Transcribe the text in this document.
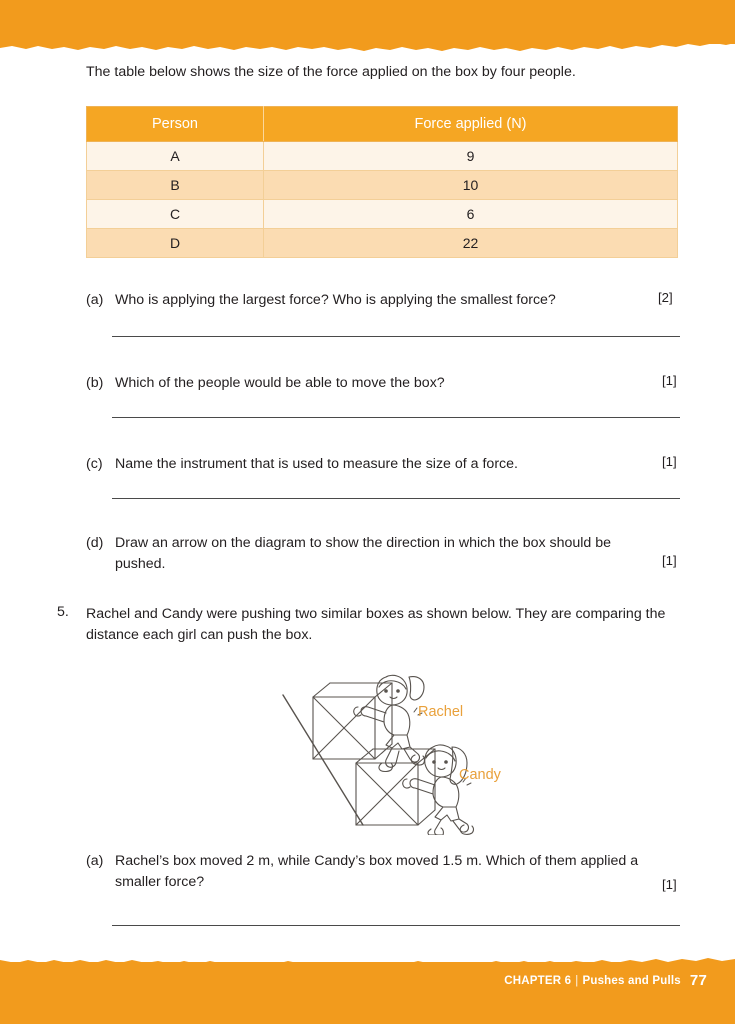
The table below shows the size of the force applied on the box by four people.
Person	Force applied (N)
A	9
B	10
C	6
D	22
(a) Who is applying the largest force? Who is applying the smallest force?	[2]
(b) Which of the people would be able to move the box?	[1]
(c) Name the instrument that is used to measure the size of a force.	[1]
(d) Draw an arrow on the diagram to show the direction in which the box should be pushed.	[1]
5. Rachel and Candy were pushing two similar boxes as shown below. They are comparing the distance each girl can push the box.
Rachel
Candy
(a) Rachel’s box moved 2 m, while Candy’s box moved 1.5 m. Which of them applied a smaller force?	[1]
CHAPTER 6 | Pushes and Pulls 77
